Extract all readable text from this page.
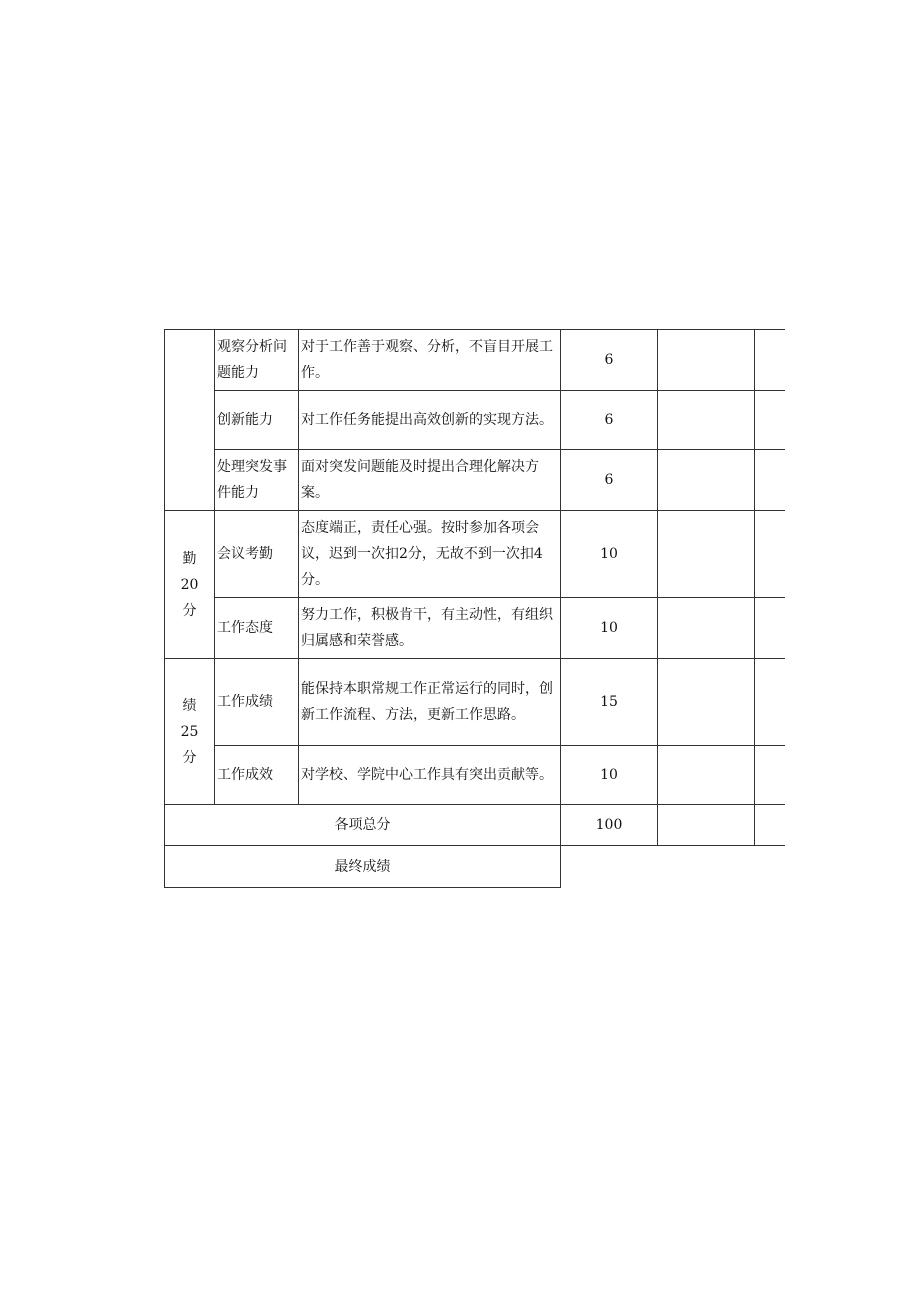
	观察分析问题能力	对于工作善于观察、分析，不盲目开展工作。	6		
	创新能力	对工作任务能提出高效创新的实现方法。	6		
	处理突发事件能力	面对突发问题能及时提出合理化解决方案。	6		

勤
20
分	会议考勤	态度端正，责任心强。按时参加各项会议，迟到一次扣2分，无故不到一次扣4分。	10		
	工作态度	努力工作，积极肯干，有主动性，有组织归属感和荣誉感。	10		

绩
25
分	工作成绩	能保持本职常规工作正常运行的同时，创新工作流程、方法，更新工作思路。	15		
	工作成效	对学校、学院中心工作具有突出贡献等。	10		
各项总分			100		
最终成绩					
